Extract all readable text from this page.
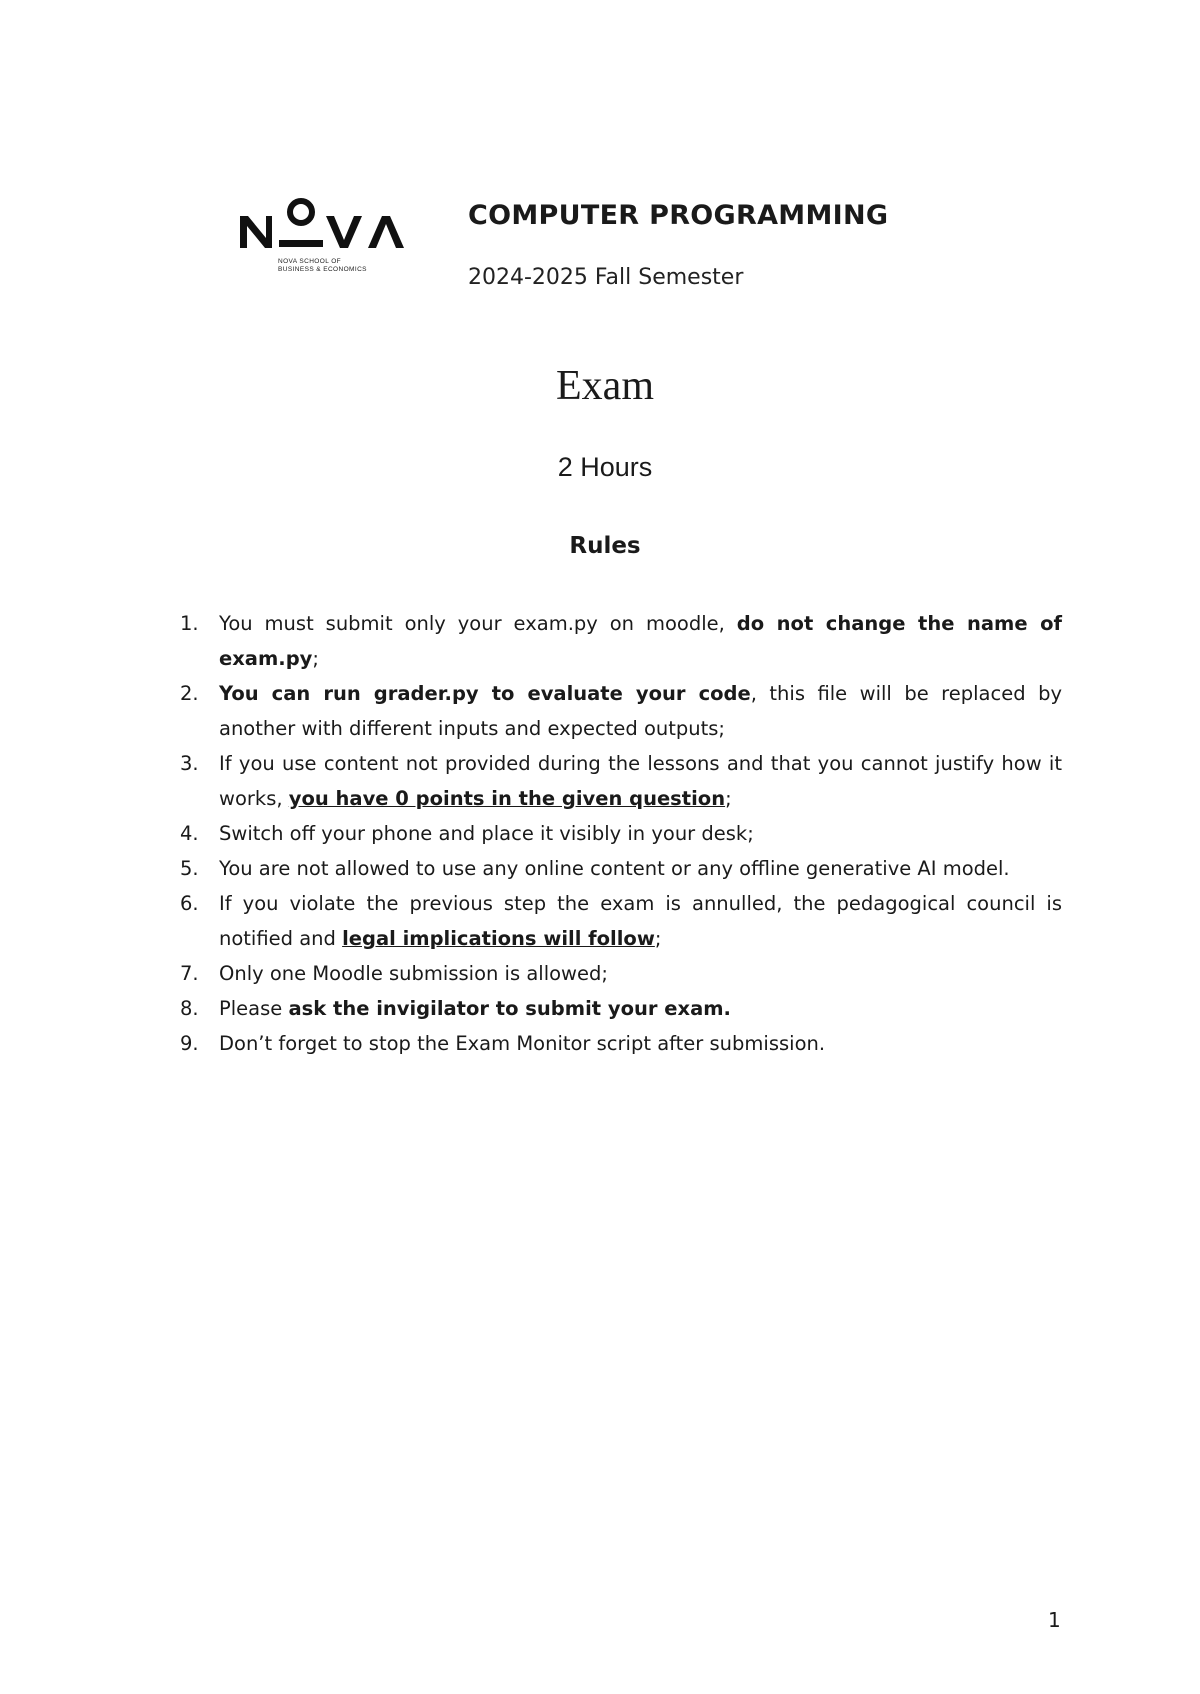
NOVA SCHOOL OF
BUSINESS & ECONOMICS
COMPUTER PROGRAMMING
2024-2025 Fall Semester
Exam
2 Hours
Rules
1. You must submit only your exam.py on moodle, do not change the name of exam.py;
2. You can run grader.py to evaluate your code, this file will be replaced by another with different inputs and expected outputs;
3. If you use content not provided during the lessons and that you cannot justify how it works, you have 0 points in the given question;
4. Switch off your phone and place it visibly in your desk;
5. You are not allowed to use any online content or any offline generative AI model.
6. If you violate the previous step the exam is annulled, the pedagogical council is notified and legal implications will follow;
7. Only one Moodle submission is allowed;
8. Please ask the invigilator to submit your exam.
9. Don’t forget to stop the Exam Monitor script after submission.
1
